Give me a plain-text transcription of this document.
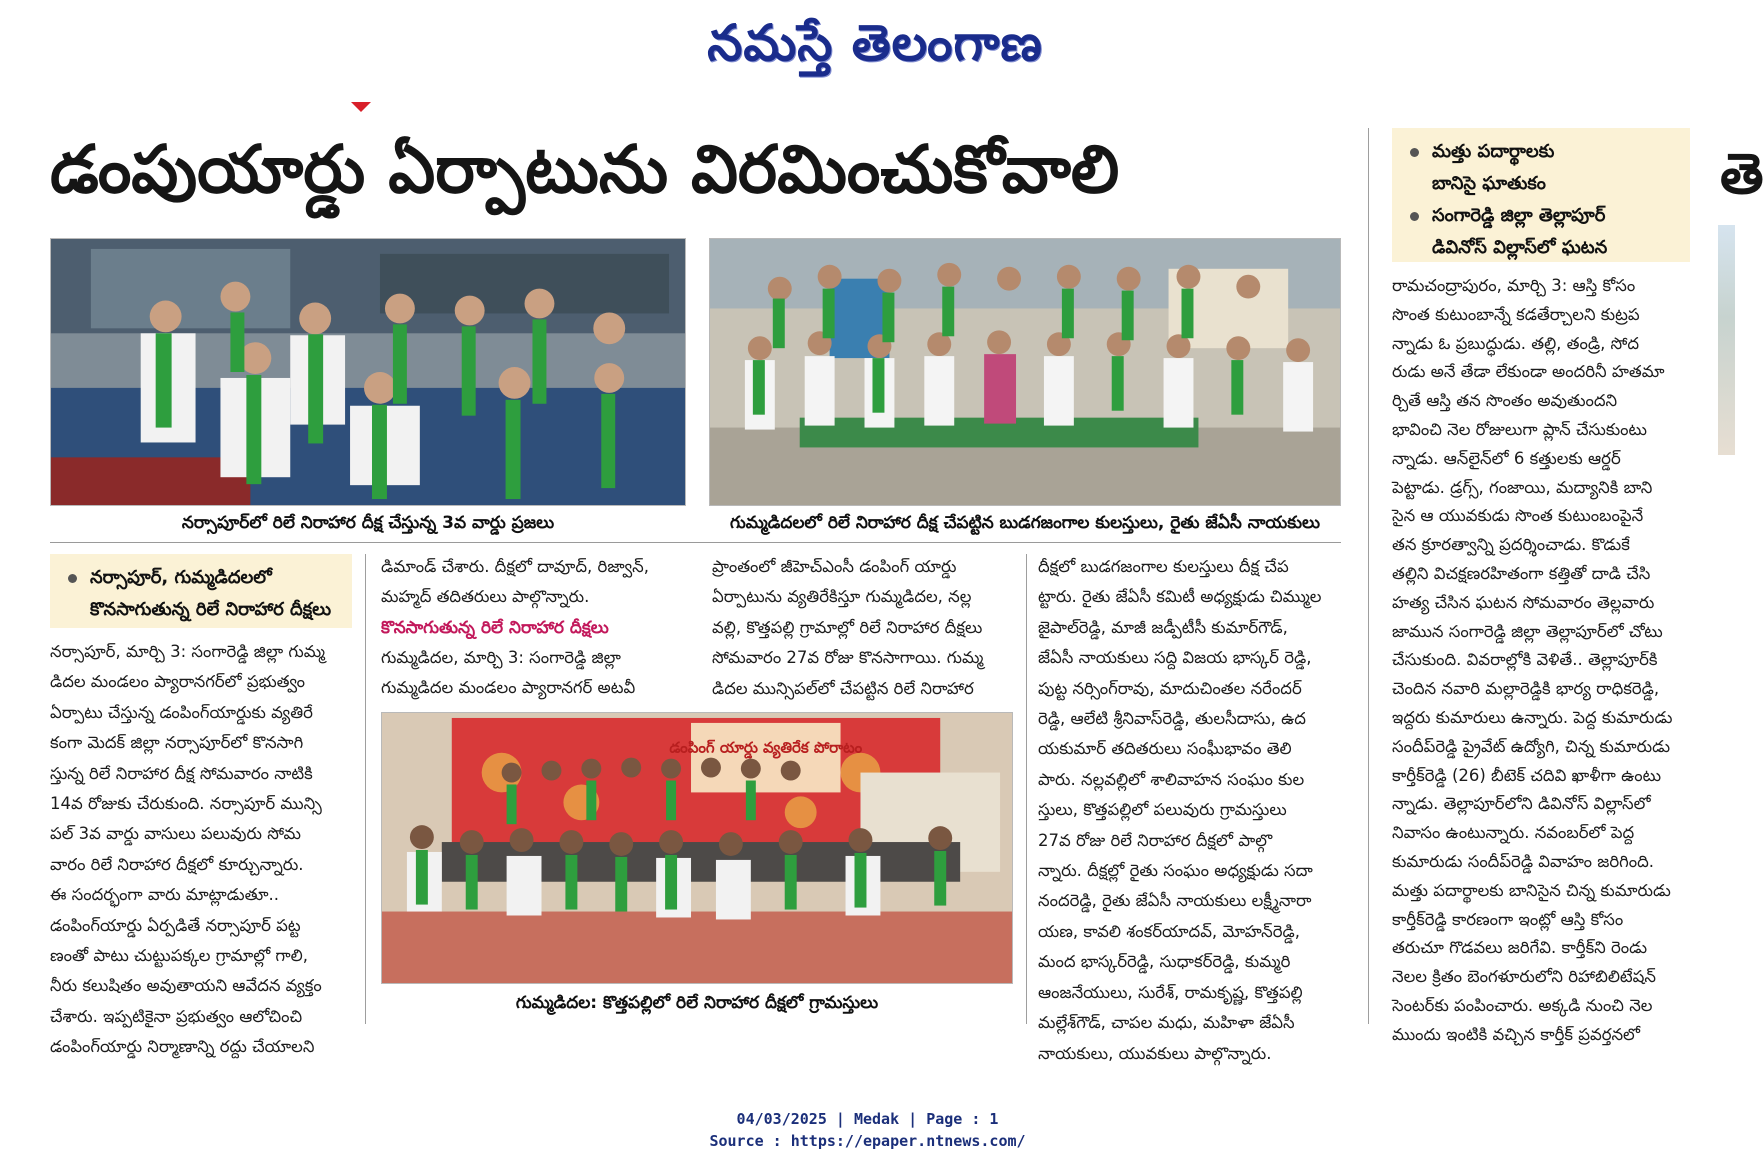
నమస్తే తెలంగాణ
డంపుయార్డు ఏర్పాటును విరమించుకోవాలి
నర్సాపూర్‌లో రిలే నిరాహార దీక్ష చేస్తున్న 3వ వార్డు ప్రజలు	గుమ్మడిదలలో రిలే నిరాహార దీక్ష చేపట్టిన బుడగజంగాల కులస్తులు, రైతు జేఏసీ నాయకులు
నర్సాపూర్, గుమ్మడిదలలో
కొనసాగుతున్న రిలే నిరాహార దీక్షలు

నర్సాపూర్, మార్చి 3: సంగారెడ్డి జిల్లా గుమ్మ

డిదల మండలం ప్యారానగర్‌లో ప్రభుత్వం

ఏర్పాటు చేస్తున్న డంపింగ్‌యార్డుకు వ్యతిరే

కంగా మెదక్ జిల్లా నర్సాపూర్‌లో కొనసాగి

స్తున్న రిలే నిరాహార దీక్ష సోమవారం నాటికి

14వ రోజుకు చేరుకుంది. నర్సాపూర్ మున్సి

పల్ 3వ వార్డు వాసులు పలువురు సోమ

వారం రిలే నిరాహార దీక్షలో కూర్చున్నారు.

ఈ సందర్భంగా వారు మాట్లాడుతూ..

డంపింగ్‌యార్డు ఏర్పడితే నర్సాపూర్ పట్ట

ణంతో పాటు చుట్టుపక్కల గ్రామాల్లో గాలి,

నీరు కలుషితం అవుతాయని ఆవేదన వ్యక్తం

చేశారు. ఇప్పటికైనా ప్రభుత్వం ఆలోచించి

డంపింగ్‌యార్డు నిర్మాణాన్ని రద్దు చేయాలని

డిమాండ్ చేశారు. దీక్షలో దావూద్, రిజ్వాన్,

మహ్మద్ తదితరులు పాల్గొన్నారు.

కొనసాగుతున్న రిలే నిరాహార దీక్షలు

గుమ్మడిదల, మార్చి 3: సంగారెడ్డి జిల్లా

గుమ్మడిదల మండలం ప్యారానగర్ అటవీ

ప్రాంతంలో జీహెచ్‌ఎంసీ డంపింగ్ యార్డు

ఏర్పాటును వ్యతిరేకిస్తూ గుమ్మడిదల, నల్ల

వల్లి, కొత్తపల్లి గ్రామాల్లో రిలే నిరాహార దీక్షలు

సోమవారం 27వ రోజు కొనసాగాయి. గుమ్మ

డిదల మున్సిపల్‌లో చేపట్టిన రిలే నిరాహార

డంపింగ్ యార్డు వ్యతిరేక పోరాటం
గుమ్మడిదల: కొత్తపల్లిలో రిలే నిరాహార దీక్షలో గ్రామస్తులు

దీక్షలో బుడగజంగాల కులస్తులు దీక్ష చేప

ట్టారు. రైతు జేఏసీ కమిటీ అధ్యక్షుడు చిమ్ముల

జైపాల్‌రెడ్డి, మాజీ జడ్పీటీసీ కుమార్‌గౌడ్,

జేఏసీ నాయకులు సద్ది విజయ భాస్కర్ రెడ్డి,

పుట్ట నర్సింగ్‌రావు, మాదుచింతల నరేందర్

రెడ్డి, ఆలేటి శ్రీనివాస్‌రెడ్డి, తులసీదాసు, ఉద

యకుమార్ తదితరులు సంఘీభావం తెలి

పారు. నల్లవల్లిలో శాలివాహన సంఘం కుల

స్తులు, కొత్తపల్లిలో పలువురు గ్రామస్తులు

27వ రోజు రిలే నిరాహార దీక్షలో పాల్గొ

న్నారు. దీక్షల్లో రైతు సంఘం అధ్యక్షుడు సదా

నందరెడ్డి, రైతు జేఏసీ నాయకులు లక్ష్మీనారా

యణ, కావలి శంకర్‌యాదవ్, మోహన్‌రెడ్డి,

మంద భాస్కర్‌రెడ్డి, సుధాకర్‌రెడ్డి, కుమ్మరి

ఆంజనేయులు, సురేశ్, రామకృష్ణ, కొత్తపల్లి

మల్లేశ్‌గౌడ్, చాపల మధు, మహిళా జేఏసీ

నాయకులు, యువకులు పాల్గొన్నారు.

మత్తు పదార్థాలకు
బానిసై ఘాతుకం
సంగారెడ్డి జిల్లా తెల్లాపూర్
డివినోస్ విల్లాస్‌లో ఘటన

రామచంద్రాపురం, మార్చి 3: ఆస్తి కోసం

సొంత కుటుంబాన్నే కడతేర్చాలని కుట్రప

న్నాడు ఓ ప్రబుద్ధుడు. తల్లి, తండ్రి, సోద

రుడు అనే తేడా లేకుండా అందరినీ హతమా

ర్చితే ఆస్తి తన సొంతం అవుతుందని

భావించి నెల రోజులుగా ప్లాన్ చేసుకుంటు

న్నాడు. ఆన్‌లైన్‌లో 6 కత్తులకు ఆర్డర్

పెట్టాడు. డ్రగ్స్, గంజాయి, మద్యానికి బాని

సైన ఆ యువకుడు సొంత కుటుంబంపైనే

తన క్రూరత్వాన్ని ప్రదర్శించాడు. కొడుకే

తల్లిని విచక్షణరహితంగా కత్తితో దాడి చేసి

హత్య చేసిన ఘటన సోమవారం తెల్లవారు

జామున సంగారెడ్డి జిల్లా తెల్లాపూర్‌లో చోటు

చేసుకుంది. వివరాల్లోకి వెళితే.. తెల్లాపూర్‌కి

చెందిన నవారి మల్లారెడ్డికి భార్య రాధికరెడ్డి,

ఇద్దరు కుమారులు ఉన్నారు. పెద్ద కుమారుడు

సందీప్‌రెడ్డి ప్రైవేట్ ఉద్యోగి, చిన్న కుమారుడు

కార్తీక్‌రెడ్డి (26) బీటెక్ చదివి ఖాళీగా ఉంటు

న్నాడు. తెల్లాపూర్‌లోని డివినోస్ విల్లాస్‌లో

నివాసం ఉంటున్నారు. నవంబర్‌లో పెద్ద

కుమారుడు సందీప్‌రెడ్డి వివాహం జరిగింది.

మత్తు పదార్థాలకు బానిసైన చిన్న కుమారుడు

కార్తీక్‌రెడ్డి కారణంగా ఇంట్లో ఆస్తి కోసం

తరుచూ గొడవలు జరిగేవి. కార్తీక్‌ని రెండు

నెలల క్రితం బెంగళూరులోని రిహాబిలిటేషన్

సెంటర్‌కు పంపించారు. అక్కడి నుంచి నెల

ముందు ఇంటికి వచ్చిన కార్తీక్ ప్రవర్తనలో

తె
04/03/2025 | Medak | Page : 1
Source : https://epaper.ntnews.com/
